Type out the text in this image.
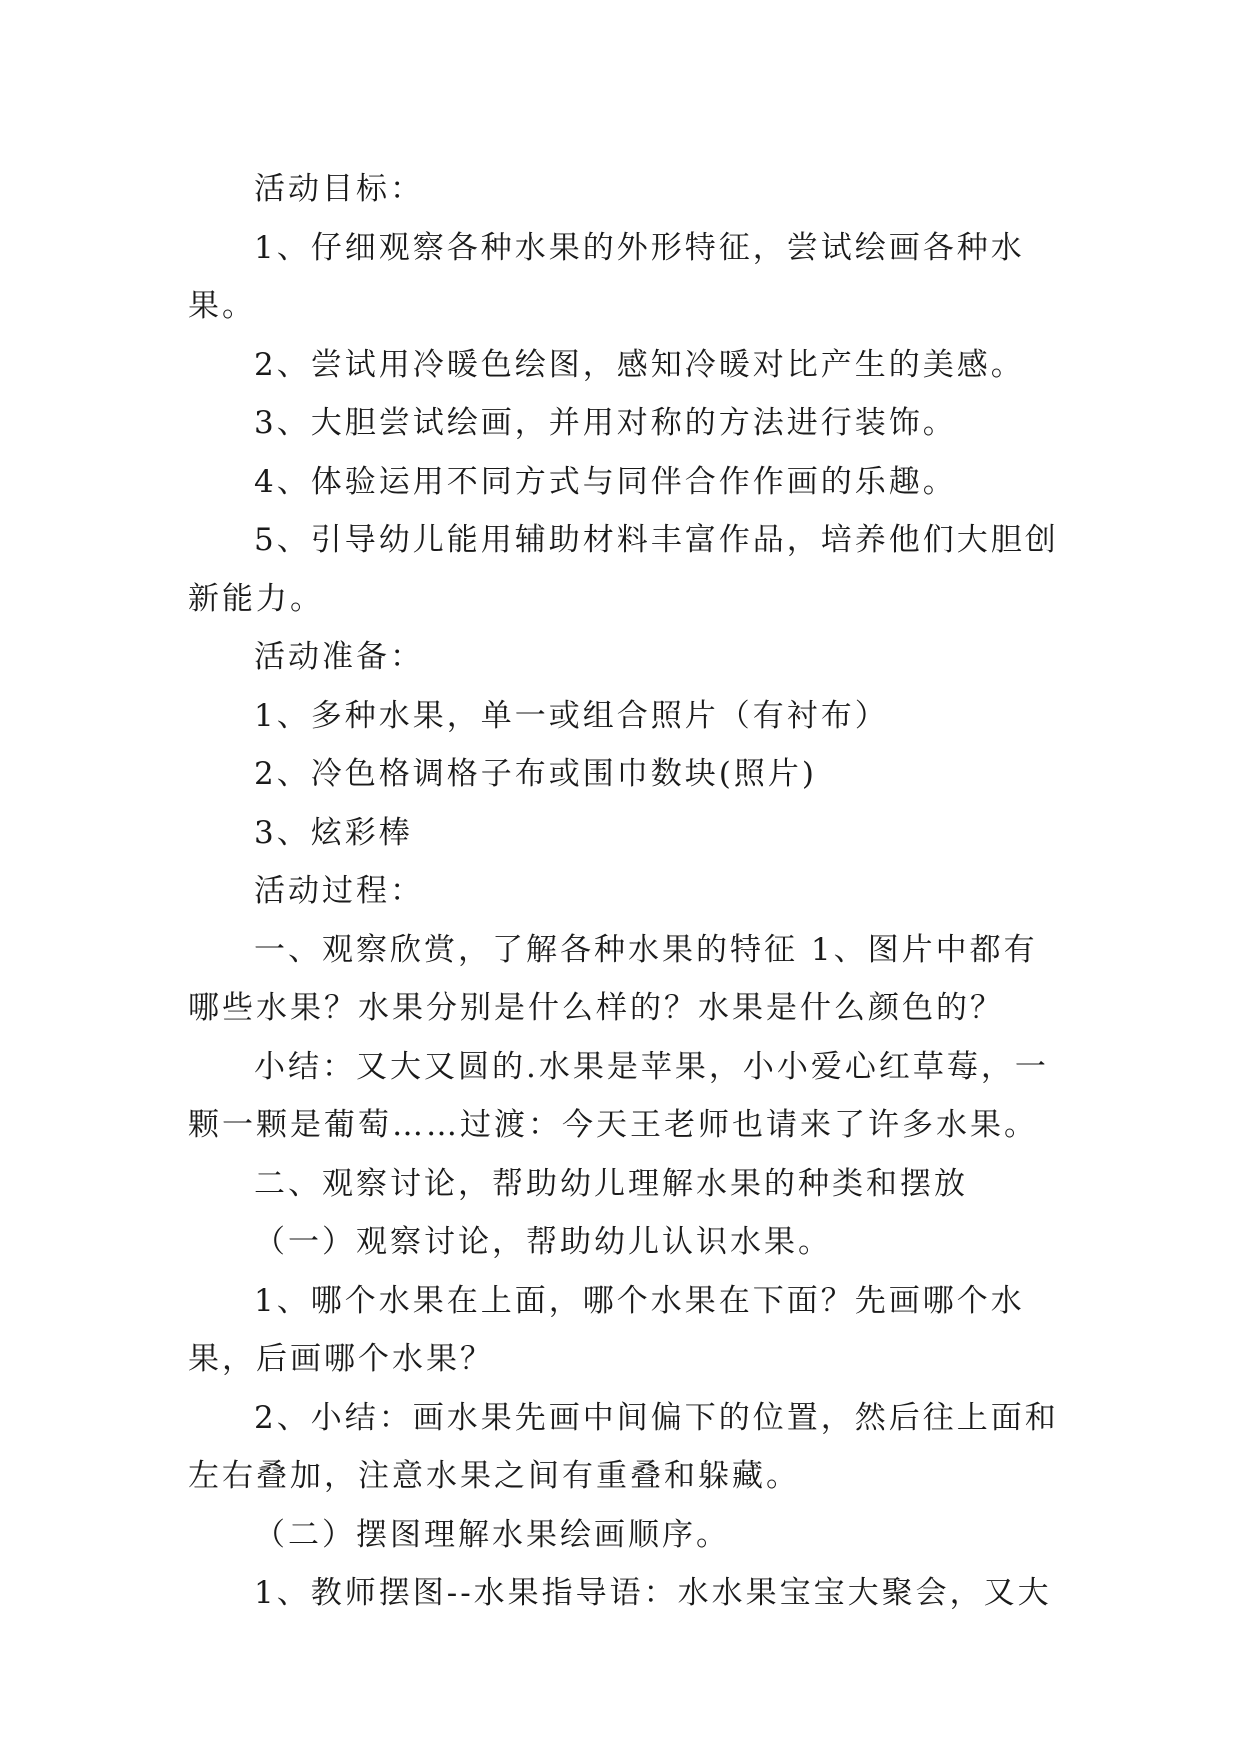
活动目标：

1、仔细观察各种水果的外形特征，尝试绘画各种水果。

2、尝试用冷暖色绘图，感知冷暖对比产生的美感。

3、大胆尝试绘画，并用对称的方法进行装饰。

4、体验运用不同方式与同伴合作作画的乐趣。

5、引导幼儿能用辅助材料丰富作品，培养他们大胆创新能力。

活动准备：

1、多种水果，单一或组合照片（有衬布）

2、冷色格调格子布或围巾数块(照片)

3、炫彩棒

活动过程：

一、观察欣赏，了解各种水果的特征 1、图片中都有哪些水果？水果分别是什么样的？水果是什么颜色的？

小结：又大又圆的.水果是苹果，小小爱心红草莓，一颗一颗是葡萄……过渡：今天王老师也请来了许多水果。

二、观察讨论，帮助幼儿理解水果的种类和摆放

（一）观察讨论，帮助幼儿认识水果。

1、哪个水果在上面，哪个水果在下面？先画哪个水果，后画哪个水果？

2、小结：画水果先画中间偏下的位置，然后往上面和左右叠加，注意水果之间有重叠和躲藏。

（二）摆图理解水果绘画顺序。

1、教师摆图--水果指导语：水水果宝宝大聚会，又大
